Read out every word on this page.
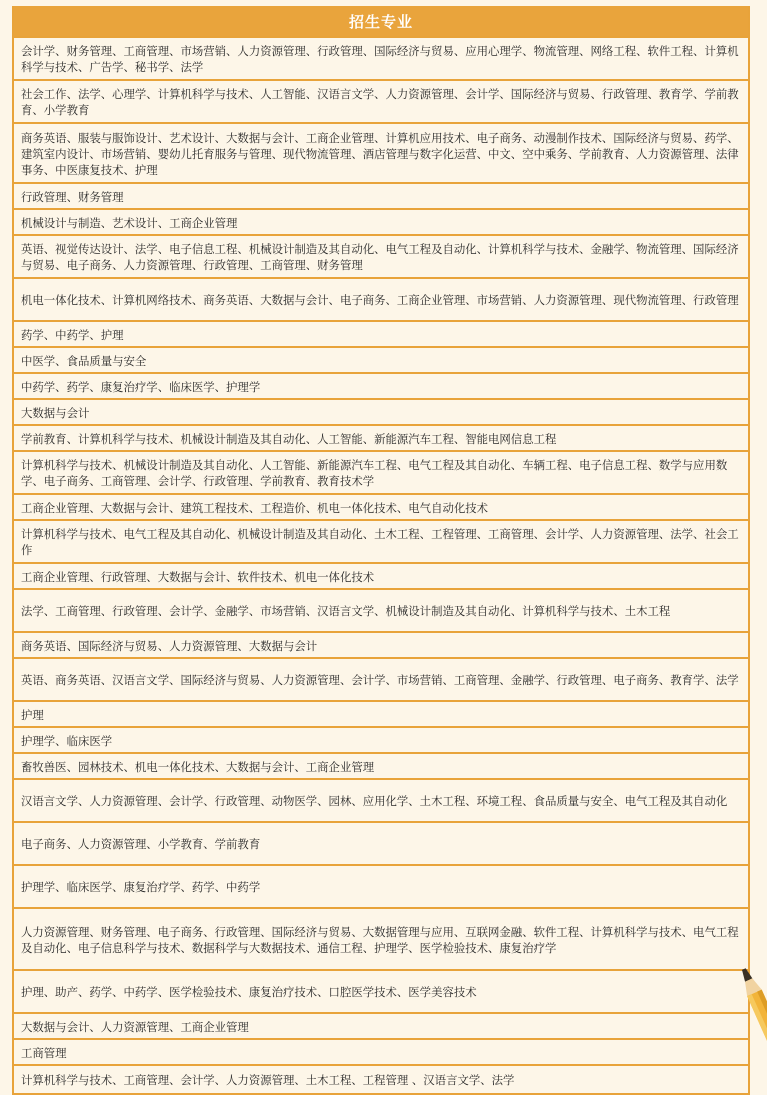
招生专业
会计学、财务管理、工商管理、市场营销、人力资源管理、行政管理、国际经济与贸易、应用心理学、物流管理、网络工程、软件工程、计算机科学与技术、广告学、秘书学、法学
社会工作、法学、心理学、计算机科学与技术、人工智能、汉语言文学、人力资源管理、会计学、国际经济与贸易、行政管理、教育学、学前教育、小学教育
商务英语、服装与服饰设计、艺术设计、大数据与会计、工商企业管理、计算机应用技术、电子商务、动漫制作技术、国际经济与贸易、药学、建筑室内设计、市场营销、婴幼儿托育服务与管理、现代物流管理、酒店管理与数字化运营、中文、空中乘务、学前教育、人力资源管理、法律事务、中医康复技术、护理
行政管理、财务管理
机械设计与制造、艺术设计、工商企业管理
英语、视觉传达设计、法学、电子信息工程、机械设计制造及其自动化、电气工程及自动化、计算机科学与技术、金融学、物流管理、国际经济与贸易、电子商务、人力资源管理、行政管理、工商管理、财务管理
机电一体化技术、计算机网络技术、商务英语、大数据与会计、电子商务、工商企业管理、市场营销、人力资源管理、现代物流管理、行政管理
药学、中药学、护理
中医学、食品质量与安全
中药学、药学、康复治疗学、临床医学、护理学
大数据与会计
学前教育、计算机科学与技术、机械设计制造及其自动化、人工智能、新能源汽车工程、智能电网信息工程
计算机科学与技术、机械设计制造及其自动化、人工智能、新能源汽车工程、电气工程及其自动化、车辆工程、电子信息工程、数学与应用数学、电子商务、工商管理、会计学、行政管理、学前教育、教育技术学
工商企业管理、大数据与会计、建筑工程技术、工程造价、机电一体化技术、电气自动化技术
计算机科学与技术、电气工程及其自动化、机械设计制造及其自动化、土木工程、工程管理、工商管理、会计学、人力资源管理、法学、社会工作
工商企业管理、行政管理、大数据与会计、软件技术、机电一体化技术
法学、工商管理、行政管理、会计学、金融学、市场营销、汉语言文学、机械设计制造及其自动化、计算机科学与技术、土木工程
商务英语、国际经济与贸易、人力资源管理、大数据与会计
英语、商务英语、汉语言文学、国际经济与贸易、人力资源管理、会计学、市场营销、工商管理、金融学、行政管理、电子商务、教育学、法学
护理
护理学、临床医学
畜牧兽医、园林技术、机电一体化技术、大数据与会计、工商企业管理
汉语言文学、人力资源管理、会计学、行政管理、动物医学、园林、应用化学、土木工程、环境工程、食品质量与安全、电气工程及其自动化
电子商务、人力资源管理、小学教育、学前教育
护理学、临床医学、康复治疗学、药学、中药学
人力资源管理、财务管理、电子商务、行政管理、国际经济与贸易、大数据管理与应用、互联网金融、软件工程、计算机科学与技术、电气工程及自动化、电子信息科学与技术、数据科学与大数据技术、通信工程、护理学、医学检验技术、康复治疗学
护理、助产、药学、中药学、医学检验技术、康复治疗技术、口腔医学技术、医学美容技术
大数据与会计、人力资源管理、工商企业管理
工商管理
计算机科学与技术、工商管理、会计学、人力资源管理、土木工程、工程管理 、汉语言文学、法学
